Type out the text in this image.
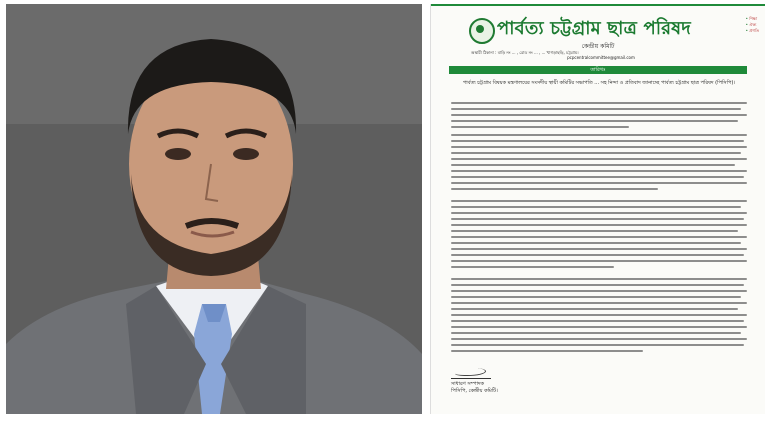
পার্বত্য চট্টগ্রাম ছাত্র পরিষদ
•	শিক্ষা
• ঐক্য
• প্রগতি
কেন্দ্রীয় কমিটি
অস্থায়ী ঠিকানা : বাড়ি নং ... , রোড নং ... , ... খাগড়াছড়ি, চট্টগ্রাম।
pcpcentralcommittee@gmail.com
তারিখঃ
পার্বত্য চট্টগ্রাম বিষয়ক মন্ত্রণালয়ের সংসদীয় স্থায়ী কমিটির সভাপতি ... সহ নিন্দা ও প্রতিবাদ জানাচ্ছে পার্বত্য চট্টগ্রাম ছাত্র পরিষদ (পিসিপি)।
সাধারণ সম্পাদক
পিসিপি, কেন্দ্রীয় কমিটি।
